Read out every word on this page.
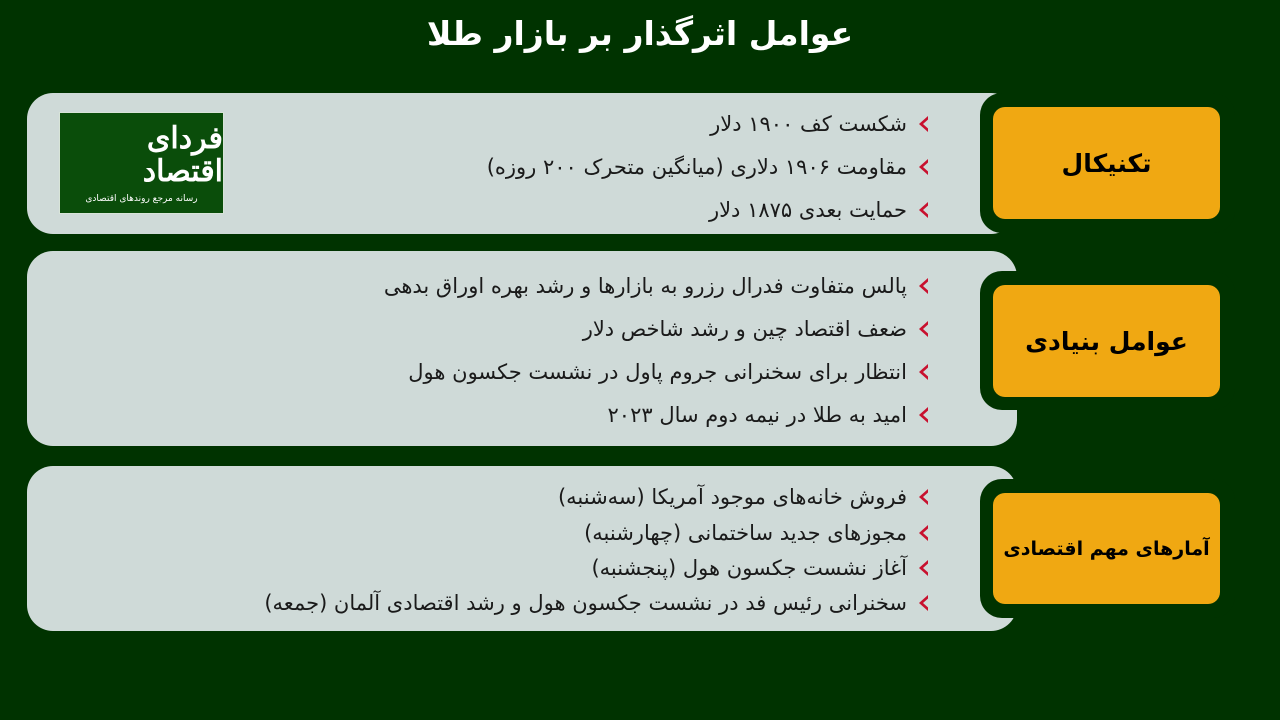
عوامل اثرگذار بر بازار طلا
تکنیکال
شکست کف ۱۹۰۰ دلار
مقاومت ۱۹۰۶ دلاری (میانگین متحرک ۲۰۰ روزه)
حمایت بعدی ۱۸۷۵ دلار
فردای اقتصاد
رسانه مرجع روندهای اقتصادی
عوامل بنیادی
پالس متفاوت فدرال رزرو به بازارها و رشد بهره اوراق بدهی
ضعف اقتصاد چین و رشد شاخص دلار
انتظار برای سخنرانی جروم پاول در نشست جکسون هول
امید به طلا در نیمه دوم سال ۲۰۲۳
آمارهای مهم اقتصادی
فروش خانه‌های موجود آمریکا (سه‌شنبه)
مجوزهای جدید ساختمانی (چهارشنبه)
آغاز نشست جکسون هول (پنجشنبه)
سخنرانی رئیس فد در نشست جکسون هول و رشد اقتصادی آلمان (جمعه)
